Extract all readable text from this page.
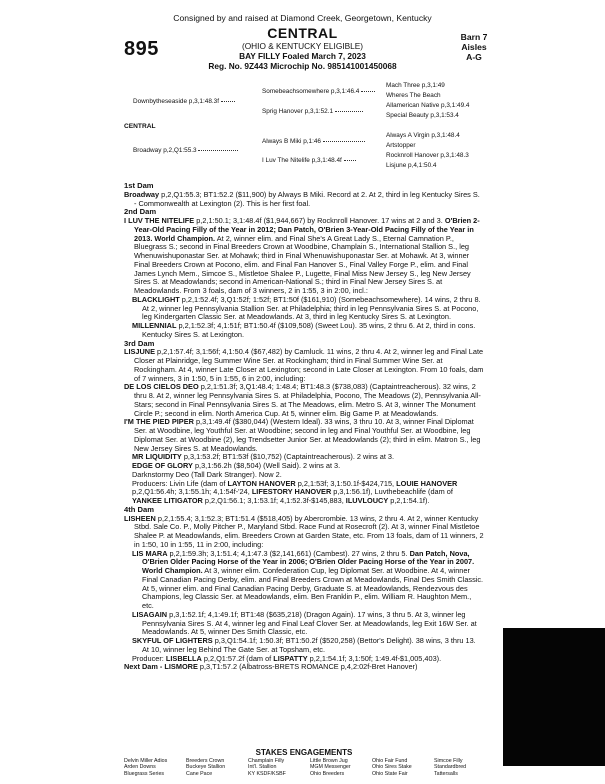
Consigned by and raised at Diamond Creek, Georgetown, Kentucky
895
CENTRAL
(OHIO & KENTUCKY ELIGIBLE)
BAY FILLY Foaled March 7, 2023
Reg. No. 9Z443 Microchip No. 985141001450068
Barn 7
Aisles
A-G
Downbytheseaside p,3,1:48.3f
Somebeachsomewhere p,3,1:46.4
Sprig Hanover p,3,1:52.1
Mach Three p,3,1:49
Wheres The Beach
Allamerican Native p,3,1:49.4
Special Beauty p,3,1:53.4
CENTRAL
Broadway p,2,Q1:55.3
Always B Miki p,1:46
I Luv The Nitelife p,3,1:48.4f
Always A Virgin p,3,1:48.4
Artstopper
Rocknroll Hanover p,3,1:48.3
Lisjune p,4,1:50.4

1st Dam

Broadway p,2,Q1:55.3; BT1:52.2 ($11,900) by Always B Miki. Record at 2. At 2, third in leg Kentucky Sires S. - Commonwealth at Lexington (2). This is her first foal.

2nd Dam

I LUV THE NITELIFE p,2,1:50.1; 3,1:48.4f ($1,944,667) by Rocknroll Hanover. 17 wins at 2 and 3. O'Brien 2-Year-Old Pacing Filly of the Year in 2012; Dan Patch, O'Brien 3-Year-Old Pacing Filly of the Year in 2013. World Champion. At 2, winner elim. and Final She's A Great Lady S., Eternal Camnation P., Bluegrass S.; second in Final Breeders Crown at Woodbine, Champlain S., International Stallion S., leg Whenuwishuponastar Ser. at Mohawk; third in Final Whenuwishuponastar Ser. at Mohawk. At 3, winner Final Breeders Crown at Pocono, elim. and Final Fan Hanover S., Final Valley Forge P., elim. and Final James Lynch Mem., Simcoe S., Mistletoe Shalee P., Lugette, Final Miss New Jersey S., leg New Jersey Sires S. at Meadowlands; second in American-National S.; third in Final New Jersey Sires S. at Meadowlands. From 3 foals, dam of 3 winners, 2 in 1:55, 3 in 2:00, incl.:

BLACKLIGHT p,2,1:52.4f; 3,Q1:52f; 1:52f; BT1:50f ($161,910) (Somebeachsomewhere). 14 wins, 2 thru 8. At 2, winner leg Pennsylvania Stallion Ser. at Philadelphia; third in leg Pennsylvania Sires S. at Pocono, leg Kindergarten Classic Ser. at Meadowlands. At 3, third in leg Kentucky Sires S. at Lexington.

MILLENNIAL p,2,1:52.3f; 4,1:51f; BT1:50.4f ($109,508) (Sweet Lou). 35 wins, 2 thru 6. At 2, third in cons. Kentucky Sires S. at Lexington.

3rd Dam

LISJUNE p,2,1:57.4f; 3,1:56f; 4,1:50.4 ($67,482) by Camluck. 11 wins, 2 thru 4. At 2, winner leg and Final Late Closer at Plainridge, leg Summer Wine Ser. at Rockingham; third in Final Summer Wine Ser. at Rockingham. At 4, winner Late Closer at Lexington; second in Late Closer at Lexington. From 10 foals, dam of 7 winners, 3 in 1:50, 5 in 1:55, 6 in 2:00, including:

DE LOS CIELOS DEO p,2,1:51.3f; 3,Q1:48.4; 1:48.4; BT1:48.3 ($738,083) (Captaintreacherous). 32 wins, 2 thru 8. At 2, winner leg Pennsylvania Sires S. at Philadelphia, Pocono, The Meadows (2), Pennsylvania All-Stars; second in Final Pennsylvania Sires S. at The Meadows, elim. Metro S. At 3, winner The Monument Circle P.; second in elim. North America Cup. At 5, winner elim. Big Game P. at Meadowlands.

I'M THE PIED PIPER p,3,1:49.4f ($380,044) (Western Ideal). 33 wins, 3 thru 10. At 3, winner Final Diplomat Ser. at Woodbine, leg Youthful Ser. at Woodbine; second in leg and Final Youthful Ser. at Woodbine, leg Diplomat Ser. at Woodbine (2), leg Trendsetter Junior Ser. at Meadowlands (2); third in elim. Matron S., leg New Jersey Sires S. at Meadowlands.

MR LIQUIDITY p,3,1:53.2f; BT1:53f ($10,752) (Captaintreacherous). 2 wins at 3.

EDGE OF GLORY p,3,1:56.2h ($8,504) (Well Said). 2 wins at 3.

Darknstormy Deo (Tall Dark Stranger). Now 2.

Producers: Livin Life (dam of LAYTON HANOVER p,2,1:53f; 3,1:50.1f-$424,715, LOUIE HANOVER p,2,Q1:56.4h; 3,1:55.1h; 4,1:54f-'24, LIFESTORY HANOVER p,3,1:56.1f), Luvthebeachlife (dam of YANKEE LITIGATOR p,2,Q1:56.1; 3,1:53.1f; 4,1:52.3f-$145,883, ILUVLOUCY p,2,1:54.1f).

4th Dam

LISHEEN p,2,1:55.4; 3,1:52.3; BT1:51.4 ($518,405) by Abercrombie. 13 wins, 2 thru 4. At 2, winner Kentucky Stbd. Sale Co. P., Molly Pitcher P., Maryland Stbd. Race Fund at Rosecroft (2). At 3, winner Final Mistletoe Shalee P. at Meadowlands, elim. Breeders Crown at Garden State, etc. From 13 foals, dam of 11 winners, 2 in 1:50, 10 in 1:55, 11 in 2:00, including:

LIS MARA p,2,1:59.3h; 3,1:51.4; 4,1:47.3 ($2,141,661) (Cambest). 27 wins, 2 thru 5. Dan Patch, Nova, O'Brien Older Pacing Horse of the Year in 2006; O'Brien Older Pacing Horse of the Year in 2007. World Champion. At 3, winner elim. Confederation Cup, leg Diplomat Ser. at Woodbine. At 4, winner Final Canadian Pacing Derby, elim. and Final Breeders Crown at Meadowlands, Final Des Smith Classic. At 5, winner elim. and Final Canadian Pacing Derby, Graduate S. at Meadowlands, Rendezvous des Champions, leg Classic Ser. at Meadowlands, elim. Ben Franklin P., elim. William R. Haughton Mem., etc.

LISAGAIN p,3,1:52.1f; 4,1:49.1f; BT1:48 ($635,218) (Dragon Again). 17 wins, 3 thru 5. At 3, winner leg Pennsylvania Sires S. At 4, winner leg and Final Leaf Clover Ser. at Meadowlands, leg Exit 16W Ser. at Meadowlands. At 5, winner Des Smith Classic, etc.

SKYFUL OF LIGHTERS p,3,Q1:54.1f; 1:50.3f; BT1:50.2f ($520,258) (Bettor's Delight). 38 wins, 3 thru 13. At 10, winner leg Behind The Gate Ser. at Topsham, etc.

Producer: LISBELLA p,2,Q1:57.2f (dam of LISPATTY p,2,1:54.1f; 3,1:50f; 1:49.4f-$1,005,403).

Next Dam - LISMORE p,3,T1:57.2 (Albatross-BRETS ROMANCE p,4,2:02f-Bret Hanover)

STAKES ENGAGEMENTS
Delvin Miller Adios
Arden Downs
Bluegrass Series
Breeders Crown
Buckeye Stallion
Cane Pace
Champlain Filly
Int'l. Stallion
KY KSDF/KSBF
Little Brown Jug
MGM Messenger
Ohio Breeders
Ohio Fair Fund
Ohio Sires Stake
Ohio State Fair
Simcoe Filly
Standardbred
Tattersalls
